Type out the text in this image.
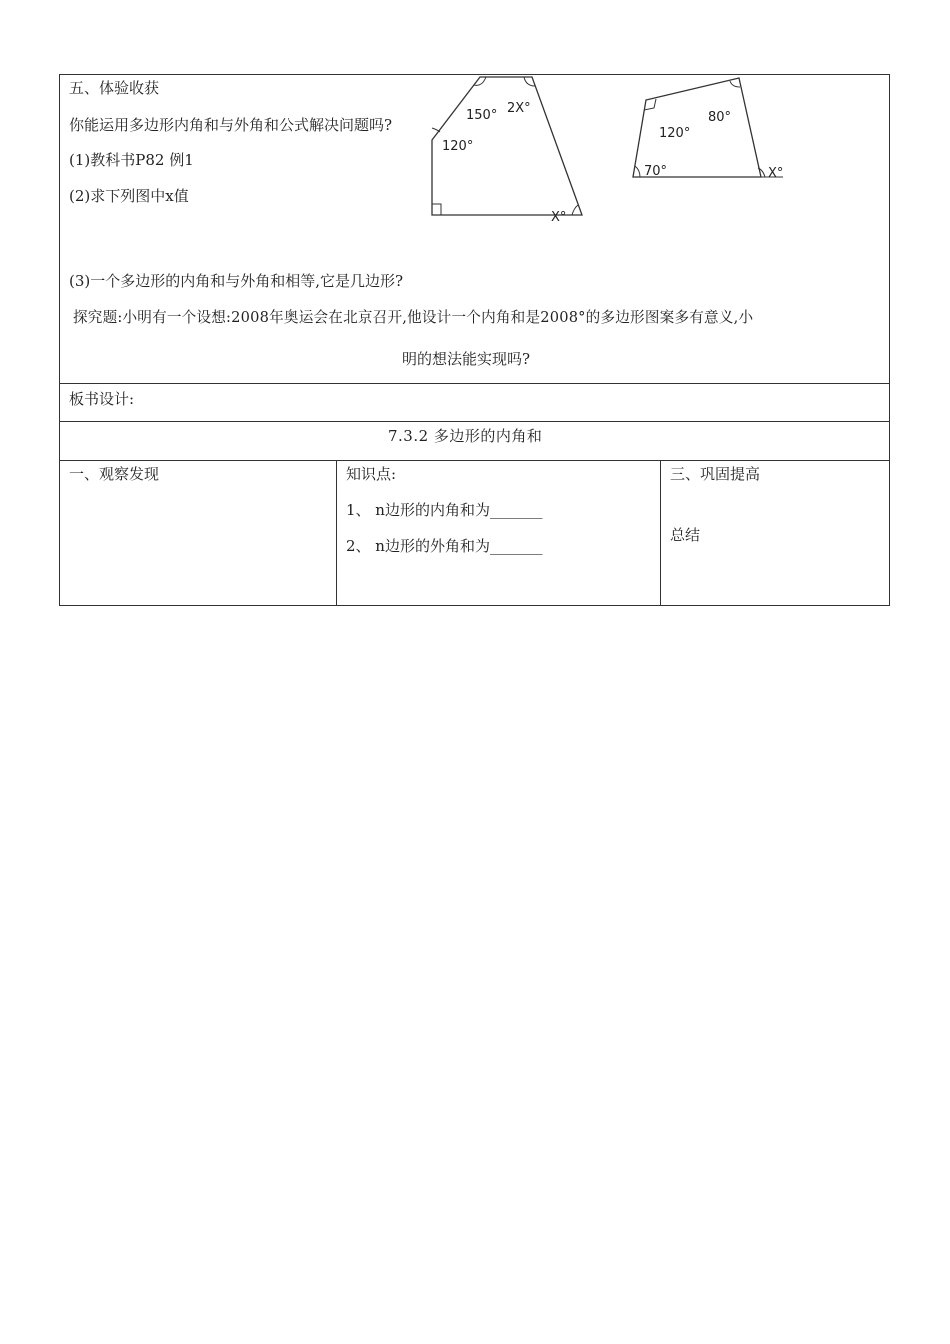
五、体验收获
你能运用多边形内角和与外角和公式解决问题吗?
(1)教科书P82 例1
(2)求下列图中x值
(3)一个多边形的内角和与外角和相等,它是几边形?
探究题:小明有一个设想:2008年奥运会在北京召开,他设计一个内角和是2008°的多边形图案多有意义,小
明的想法能实现吗?
150° 2X°
120°
X°
80°
120°
70°	X°
板书设计:
7.3.2 多边形的内角和
一、观察发现	知识点:
1、 n边形的内角和为_______
2、 n边形的外角和为_______
三、巩固提高
总结
